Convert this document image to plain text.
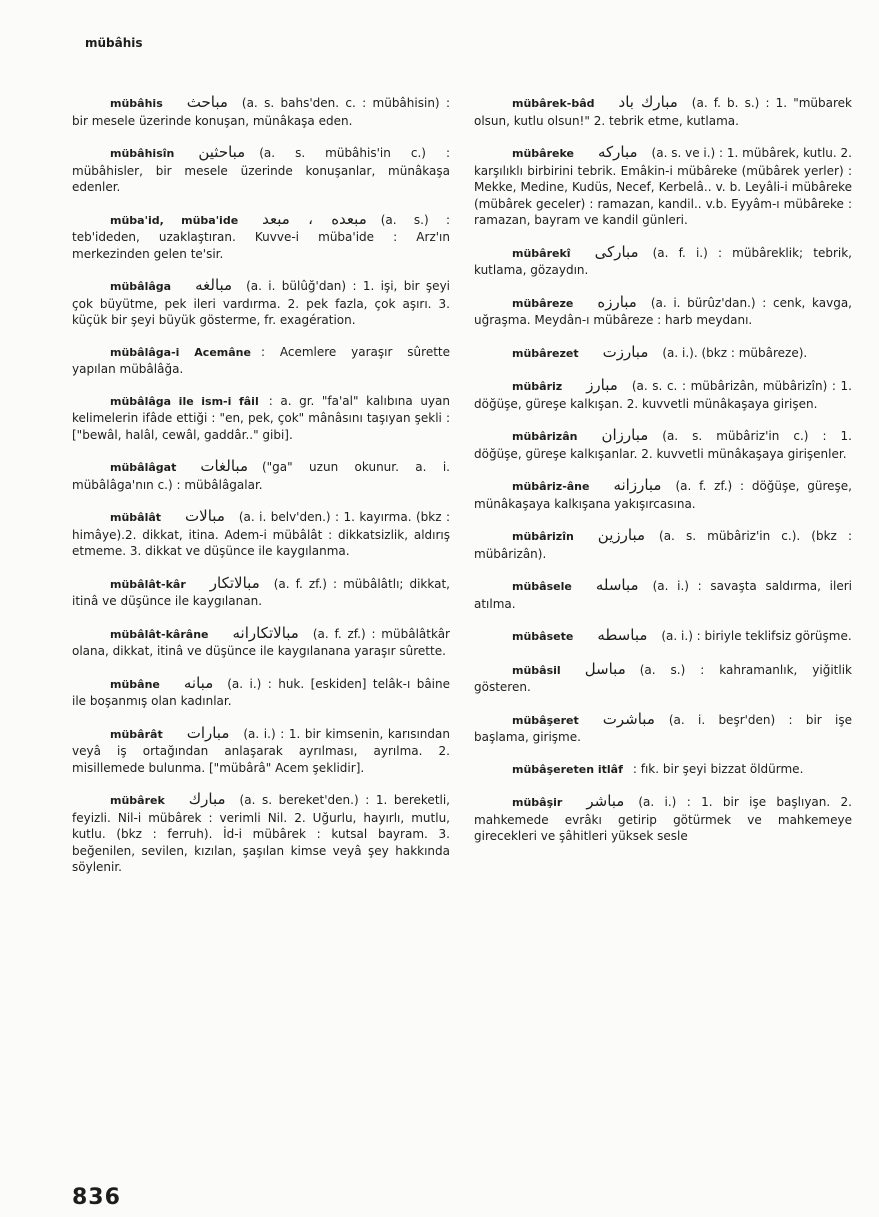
mübâhis

mübâhis مباحث (a. s. bahs'den. c. : mübâhisin) : bir mesele üzerinde konuşan, münâkaşa eden.

mübâhisîn مباحثين (a. s. mübâhis'in c.) : mübâhisler, bir mesele üzerinde konuşanlar, münâkaşa edenler.

müba'id, müba'ide مبعده ، مبعد (a. s.) : teb'ideden, uzaklaştıran. Kuvve-i müba'ide : Arz'ın merkezinden gelen te'sir.

mübâlâga مبالغه (a. i. bülûğ'dan) : 1. işi, bir şeyi çok büyütme, pek ileri vardırma. 2. pek fazla, çok aşırı. 3. küçük bir şeyi büyük gösterme, fr. exagération.

mübâlâga-i Acemâne : Acemlere yaraşır sûrette yapılan mübâlâğa.

mübâlâga ile ism-i fâil : a. gr. "fa'al" kalıbına uyan kelimelerin ifâde ettiği : "en, pek, çok" mânâsını taşıyan şekli : ["bewâl, halâl, cewâl, gaddâr.." gibi].

mübâlâgat مبالغات ("ga" uzun okunur. a. i. mübâlâga'nın c.) : mübâlâgalar.

mübâlât مبالات (a. i. belv'den.) : 1. kayırma. (bkz : himâye).2. dikkat, itina. Adem-i mübâlât : dikkatsizlik, aldırış etmeme. 3. dikkat ve düşünce ile kaygılanma.

mübâlât-kâr مبالاتكار (a. f. zf.) : mübâlâtlı; dikkat, itinâ ve düşünce ile kaygılanan.

mübâlât-kârâne مبالاتكارانه (a. f. zf.) : mübâlâtkâr olana, dikkat, itinâ ve düşünce ile kaygılanana yaraşır sûrette.

mübâne مبانه (a. i.) : huk. [eskiden] telâk-ı bâine ile boşanmış olan kadınlar.

mübârât مبارات (a. i.) : 1. bir kimsenin, karısından veyâ iş ortağından anlaşarak ayrılması, ayrılma. 2. misillemede bulunma. ["mübârâ" Acem şeklidir].

mübârek مبارك (a. s. bereket'den.) : 1. bereketli, feyizli. Nil-i mübârek : verimli Nil. 2. Uğurlu, hayırlı, mutlu, kutlu. (bkz : ferruh). İd-i mübârek : kutsal bayram. 3. beğenilen, sevilen, kızılan, şaşılan kimse veyâ şey hakkında söylenir.

mübârek-bâd مبارك باد (a. f. b. s.) : 1. "mübarek olsun, kutlu olsun!" 2. tebrik etme, kutlama.

mübâreke مباركه (a. s. ve i.) : 1. mübârek, kutlu. 2. karşılıklı birbirini tebrik. Emâkin-i mübâreke (mübârek yerler) : Mekke, Medine, Kudüs, Necef, Kerbelâ.. v. b. Leyâli-i mübâreke (mübârek geceler) : ramazan, kandil.. v.b. Eyyâm-ı mübâreke : ramazan, bayram ve kandil günleri.

mübârekî مباركى (a. f. i.) : mübâreklik; tebrik, kutlama, gözaydın.

mübâreze مبارزه (a. i. bürûz'dan.) : cenk, kavga, uğraşma. Meydân-ı mübâreze : harb meydanı.

mübârezet مبارزت (a. i.). (bkz : mübâreze).

mübâriz مبارز (a. s. c. : mübârizân, mübârizîn) : 1. döğüşe, güreşe kalkışan. 2. kuvvetli münâkaşaya girişen.

mübârizân مبارزان (a. s. mübâriz'in c.) : 1. döğüşe, güreşe kalkışanlar. 2. kuvvetli münâkaşaya girişenler.

mübâriz-âne مبارزانه (a. f. zf.) : döğüşe, güreşe, münâkaşaya kalkışana yakışırcasına.

mübârizîn مبارزين (a. s. mübâriz'in c.). (bkz : mübârizân).

mübâsele مباسله (a. i.) : savaşta saldırma, ileri atılma.

mübâsete مباسطه (a. i.) : biriyle teklifsiz görüşme.

mübâsil مباسل (a. s.) : kahramanlık, yiğitlik gösteren.

mübâşeret مباشرت (a. i. beşr'den) : bir işe başlama, girişme.

mübâşereten itlâf : fık. bir şeyi bizzat öldürme.

mübâşir مباشر (a. i.) : 1. bir işe başlıyan. 2. mahkemede evrâkı getirip götürmek ve mahkemeye girecekleri ve şâhitleri yüksek sesle

836
